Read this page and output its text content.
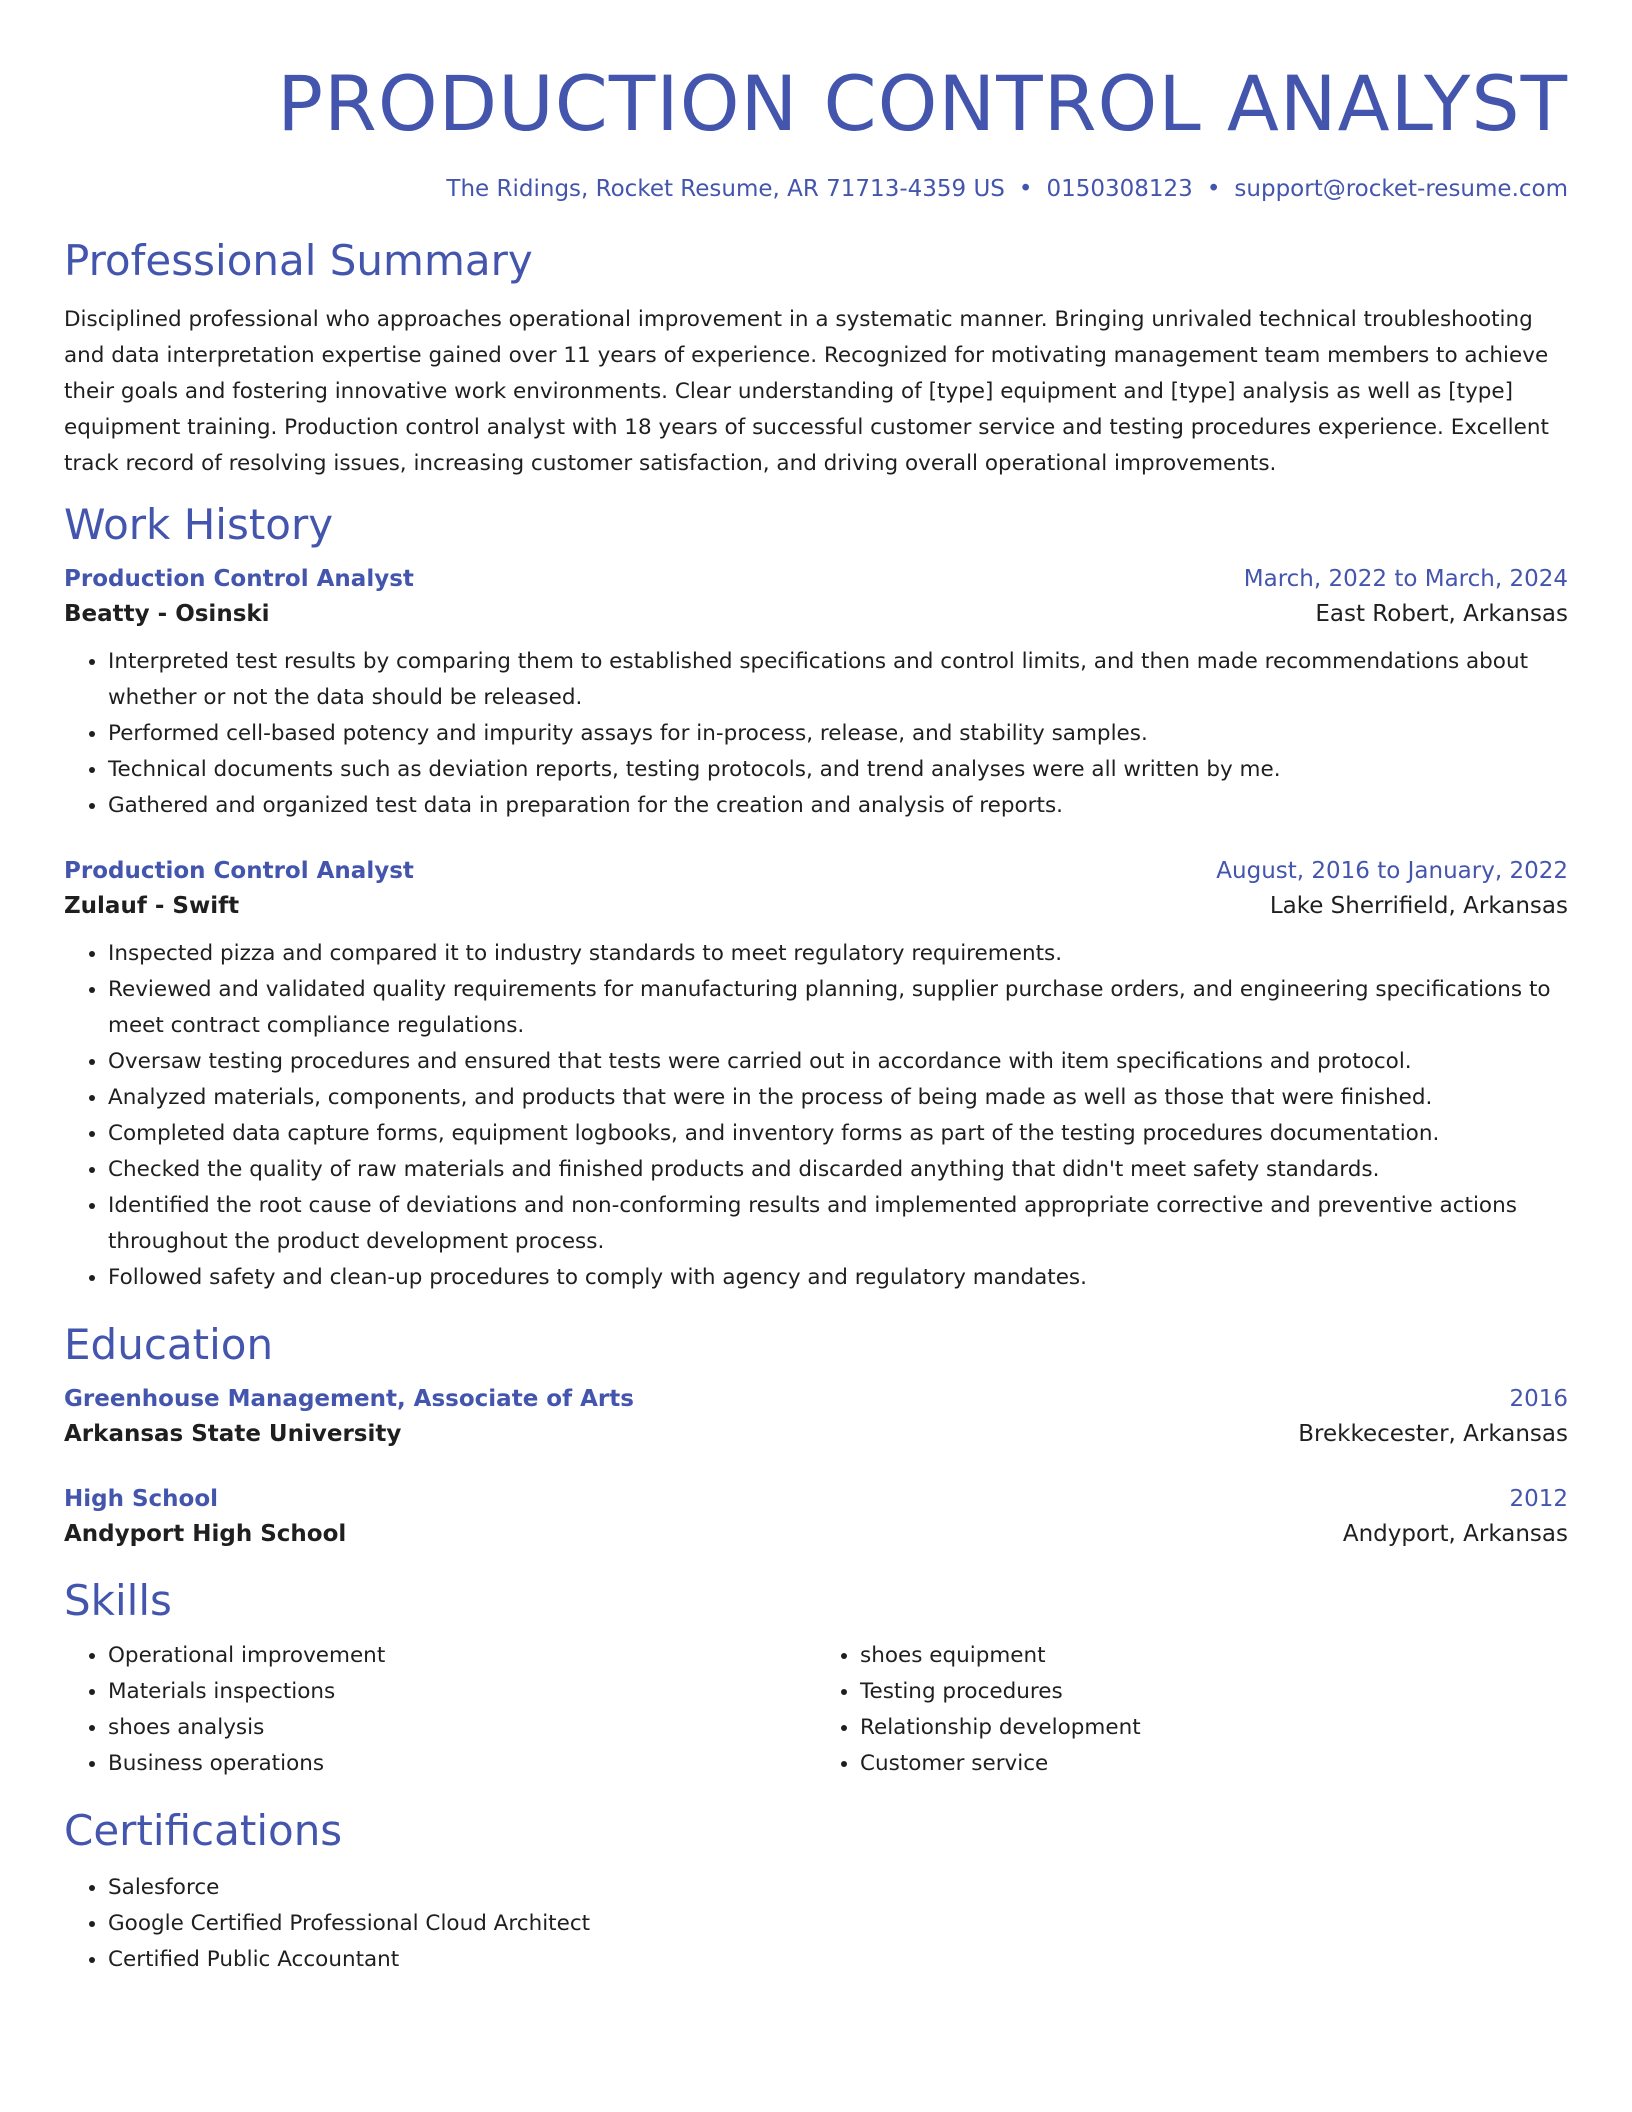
PRODUCTION CONTROL ANALYST
The Ridings, Rocket Resume, AR 71713-4359 US • 0150308123 • support@rocket-resume.com
Professional Summary

Disciplined professional who approaches operational improvement in a systematic manner. Bringing unrivaled technical troubleshooting and data interpretation expertise gained over 11 years of experience. Recognized for motivating management team members to achieve their goals and fostering innovative work environments. Clear understanding of [type] equipment and [type] analysis as well as [type] equipment training. Production control analyst with 18 years of successful customer service and testing procedures experience. Excellent track record of resolving issues, increasing customer satisfaction, and driving overall operational improvements.

Work History
Production Control Analyst	March, 2022 to March, 2024
Beatty - Osinski	East Robert, Arkansas
• Interpreted test results by comparing them to established specifications and control limits, and then made recommendations about whether or not the data should be released.
• Performed cell-based potency and impurity assays for in-process, release, and stability samples.
• Technical documents such as deviation reports, testing protocols, and trend analyses were all written by me.
• Gathered and organized test data in preparation for the creation and analysis of reports.
Production Control Analyst	August, 2016 to January, 2022
Zulauf - Swift	Lake Sherrifield, Arkansas
• Inspected pizza and compared it to industry standards to meet regulatory requirements.
• Reviewed and validated quality requirements for manufacturing planning, supplier purchase orders, and engineering specifications to meet contract compliance regulations.
• Oversaw testing procedures and ensured that tests were carried out in accordance with item specifications and protocol.
• Analyzed materials, components, and products that were in the process of being made as well as those that were finished.
• Completed data capture forms, equipment logbooks, and inventory forms as part of the testing procedures documentation.
• Checked the quality of raw materials and finished products and discarded anything that didn't meet safety standards.
• Identified the root cause of deviations and non-conforming results and implemented appropriate corrective and preventive actions throughout the product development process.
• Followed safety and clean-up procedures to comply with agency and regulatory mandates.
Education
Greenhouse Management, Associate of Arts	2016
Arkansas State University	Brekkecester, Arkansas
High School	2012
Andyport High School	Andyport, Arkansas
Skills
• Operational improvement
• Materials inspections
• shoes analysis
• Business operations
• shoes equipment
• Testing procedures
• Relationship development
• Customer service
Certifications
• Salesforce
• Google Certified Professional Cloud Architect
• Certified Public Accountant
